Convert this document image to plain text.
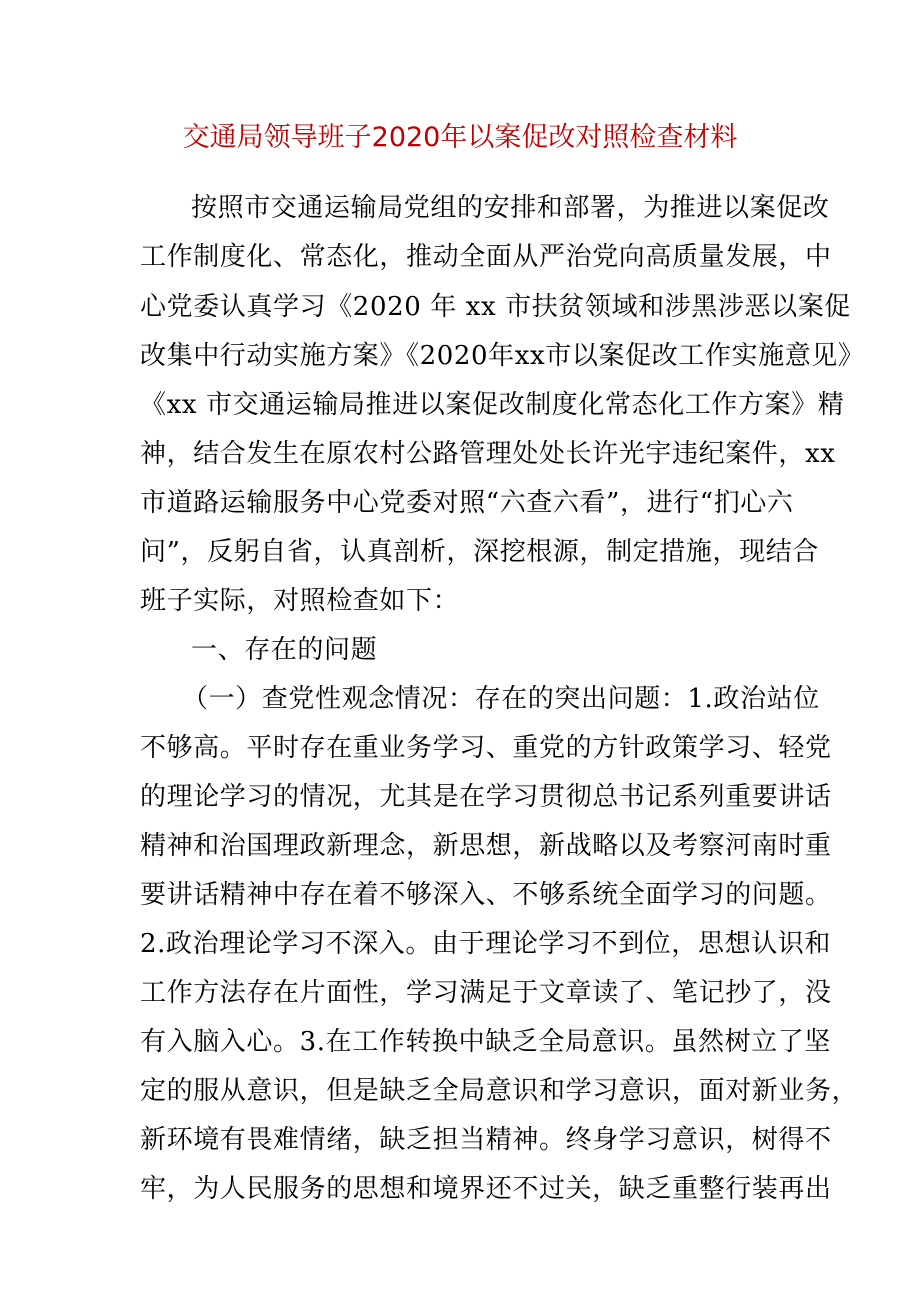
交通局领导班子2020年以案促改对照检查材料
按照市交通运输局党组的安排和部署，为推进以案促改
工作制度化、常态化，推动全面从严治党向高质量发展，中
心党委认真学习《2020 年 xx 市扶贫领域和涉黑涉恶以案促
改集中行动实施方案》《2020年xx市以案促改工作实施意见》
《xx 市交通运输局推进以案促改制度化常态化工作方案》精
神，结合发生在原农村公路管理处处长许光宇违纪案件，xx
市道路运输服务中心党委对照“六查六看”，进行“扪心六
问”，反躬自省，认真剖析，深挖根源，制定措施，现结合
班子实际，对照检查如下：
一、存在的问题
（一）查党性观念情况：存在的突出问题：1.政治站位
不够高。平时存在重业务学习、重党的方针政策学习、轻党
的理论学习的情况，尤其是在学习贯彻总书记系列重要讲话
精神和治国理政新理念，新思想，新战略以及考察河南时重
要讲话精神中存在着不够深入、不够系统全面学习的问题。
2.政治理论学习不深入。由于理论学习不到位，思想认识和
工作方法存在片面性，学习满足于文章读了、笔记抄了，没
有入脑入心。3.在工作转换中缺乏全局意识。虽然树立了坚
定的服从意识，但是缺乏全局意识和学习意识，面对新业务，
新环境有畏难情绪，缺乏担当精神。终身学习意识，树得不
牢，为人民服务的思想和境界还不过关，缺乏重整行装再出
